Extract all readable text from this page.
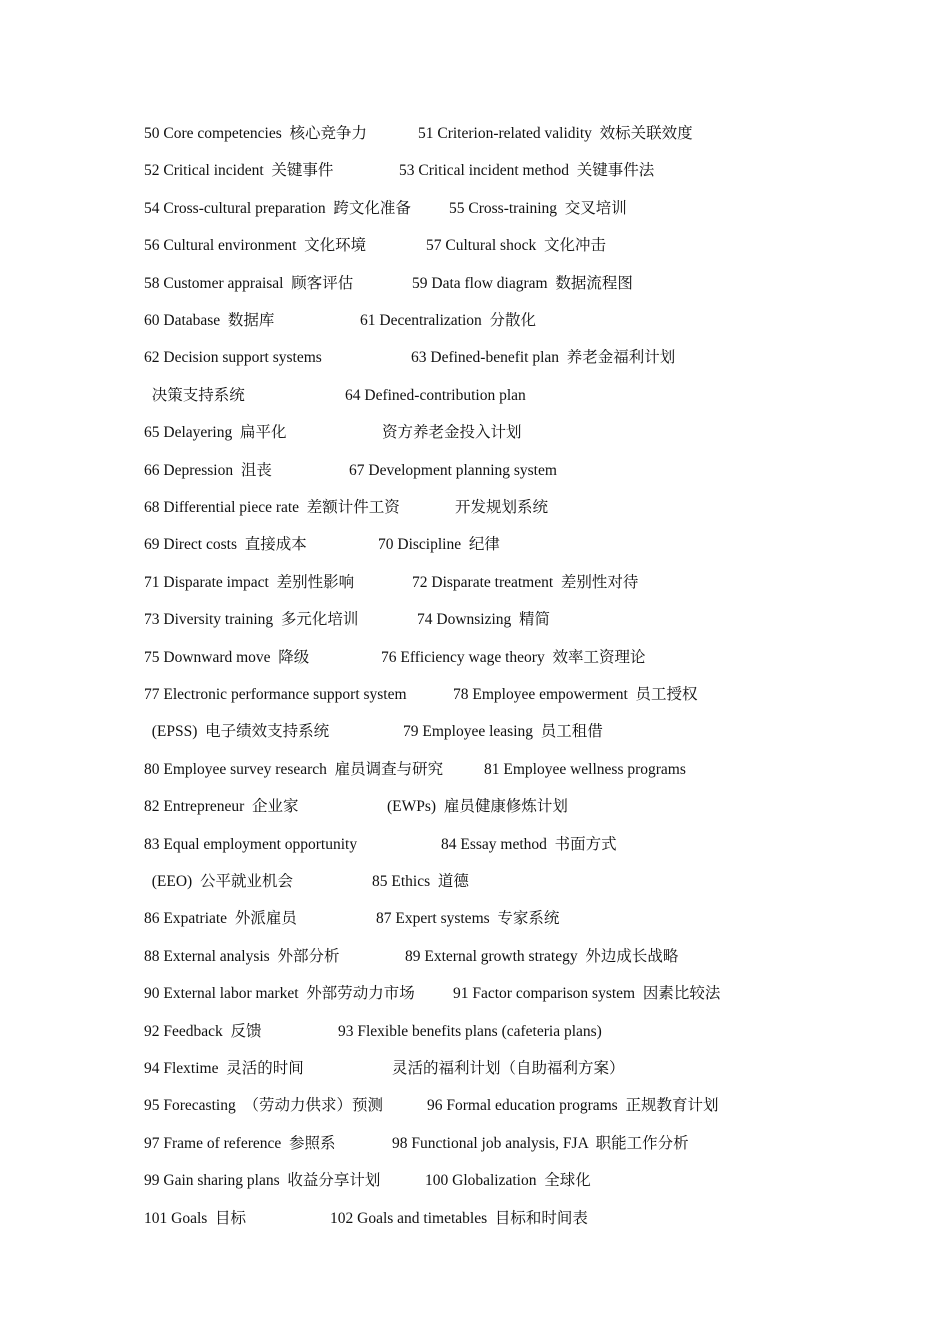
50 Core competencies  核心竞争力	51 Criterion-related validity  效标关联效度
52 Critical incident  关键事件	53 Critical incident method  关键事件法
54 Cross-cultural preparation  跨文化准备 55 Cross-training  交叉培训
56 Cultural environment  文化环境	57 Cultural shock  文化冲击
58 Customer appraisal  顾客评估	59 Data flow diagram  数据流程图
60 Database  数据库	61 Decentralization  分散化
62 Decision support systems	63 Defined-benefit plan  养老金福利计划
决策支持系统	64 Defined-contribution plan
65 Delayering  扁平化	资方养老金投入计划
66 Depression  沮丧	67 Development planning system
68 Differential piece rate  差额计件工资	开发规划系统
69 Direct costs  直接成本	70 Discipline  纪律
71 Disparate impact  差别性影响	72 Disparate treatment  差别性对待
73 Diversity training  多元化培训	74 Downsizing  精简
75 Downward move  降级	76 Efficiency wage theory  效率工资理论
77 Electronic performance support system	78 Employee empowerment  员工授权
(EPSS)  电子绩效支持系统	79 Employee leasing  员工租借
80 Employee survey research  雇员调查与研究	81 Employee wellness programs
82 Entrepreneur  企业家	(EWPs)  雇员健康修炼计划
83 Equal employment opportunity	84 Essay method  书面方式
(EEO)  公平就业机会	85 Ethics  道德
86 Expatriate  外派雇员	87 Expert systems  专家系统
88 External analysis  外部分析	89 External growth strategy  外边成长战略
90 External labor market  外部劳动力市场 91 Factor comparison system  因素比较法
92 Feedback  反馈	93 Flexible benefits plans (cafeteria plans)
94 Flextime  灵活的时间	灵活的福利计划（自助福利方案）
95 Forecasting  （劳动力供求）预测	96 Formal education programs  正规教育计划
97 Frame of reference  参照系	98 Functional job analysis, FJA  职能工作分析
99 Gain sharing plans  收益分享计划	100 Globalization  全球化
101 Goals  目标	102 Goals and timetables  目标和时间表
